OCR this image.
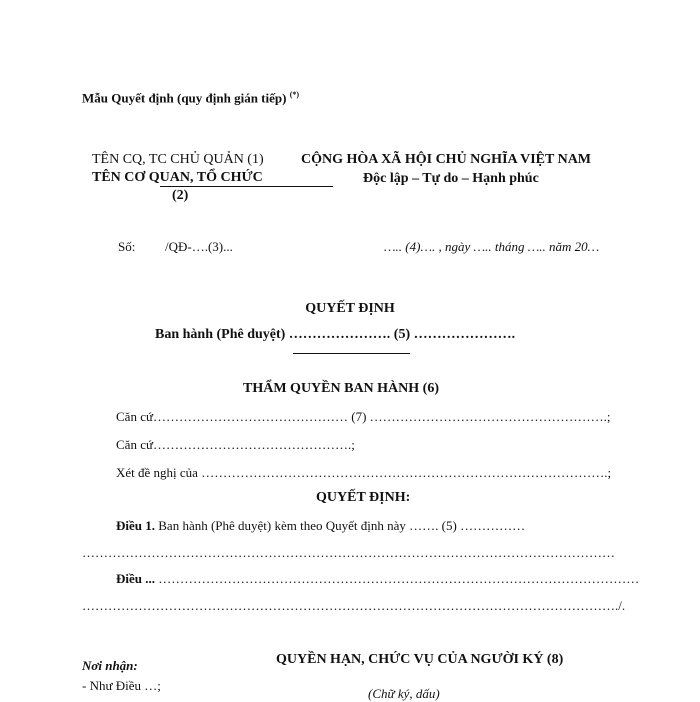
Mẫu Quyết định (quy định gián tiếp) (*)
TÊN CQ, TC CHỦ QUẢN (1)
TÊN CƠ QUAN, TỔ CHỨC
(2)
CỘNG HÒA XÃ HỘI CHỦ NGHĨA VIỆT NAM
Độc lập – Tự do – Hạnh phúc
Số: /QĐ-….(3)...	….. (4)…. , ngày ….. tháng ….. năm 20…
QUYẾT ĐỊNH
Ban hành (Phê duyệt) …………………. (5) ………………….
THẨM QUYỀN BAN HÀNH (6)
Căn cứ……………………………………… (7) ……………………………………………….;
Căn cứ……………………………………….;
Xét đề nghị của ………………………………………………………………………………….;
QUYẾT ĐỊNH:
Điều 1. Ban hành (Phê duyệt) kèm theo Quyết định này ……. (5) ……………
……………………………………………………………………………………………………………
Điều ... …………………………………………………………………………………………………
……………………………………………………………………………………………………………./.
Nơi nhận:
- Như Điều …;
QUYỀN HẠN, CHỨC VỤ CỦA NGƯỜI KÝ (8)
(Chữ ký, dấu)
